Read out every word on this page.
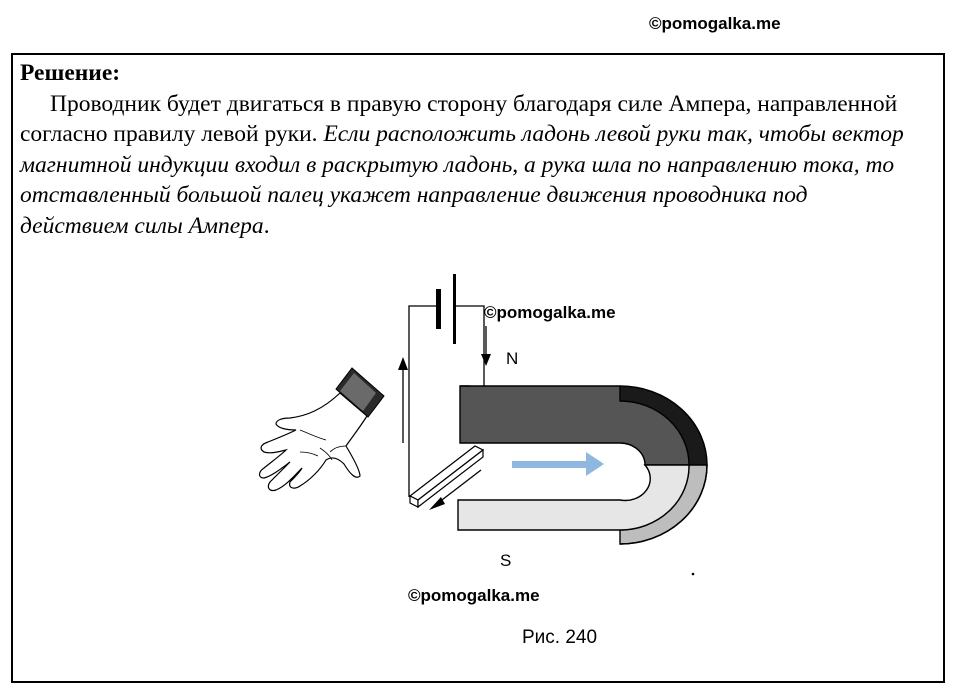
©pomogalka.me
Решение:

Проводник будет двигаться в правую сторону благодаря силе Ампера, направленной согласно правилу левой руки. Если расположить ладонь левой руки так, чтобы вектор магнитной индукции входил в раскрытую ладонь, а рука шла по направлению тока, то отставленный большой палец укажет направление движения проводника под действием силы Ампера.

©pomogalka.me
N
S
©pomogalka.me
Рис. 240
